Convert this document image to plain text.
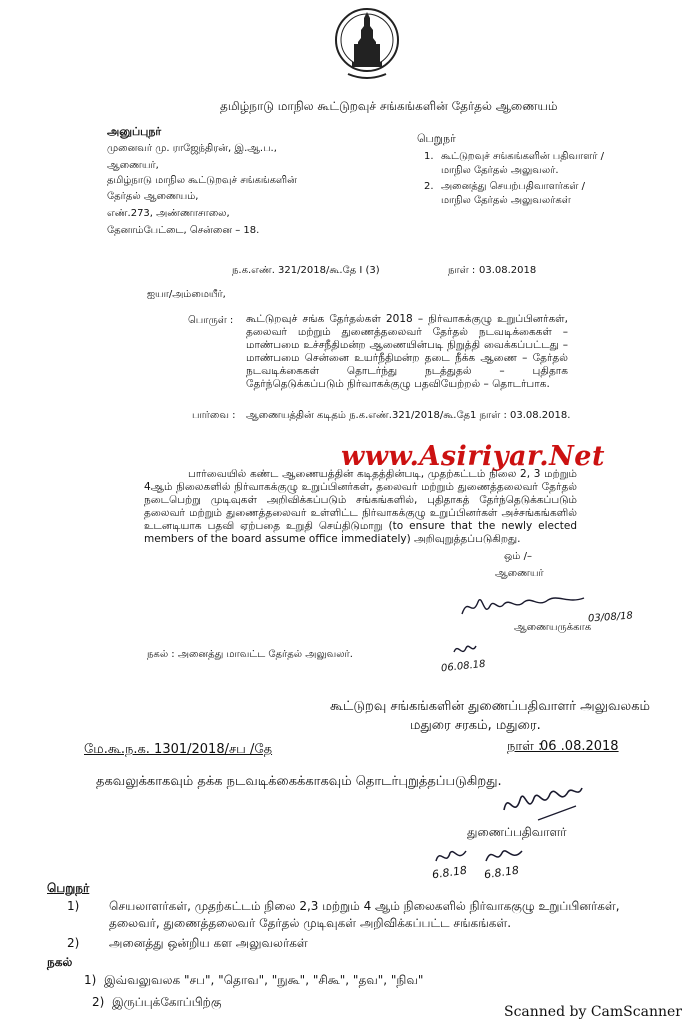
தமிழ்நாடு மாநில கூட்டுறவுச் சங்கங்களின் தேர்தல் ஆணையம்
அனுப்புநர்
முனைவர் மு. ராஜேந்திரன், இ.ஆ.ப.,
ஆணையர்,
தமிழ்நாடு மாநில கூட்டுறவுச் சங்கங்களின்
தேர்தல் ஆணையம்,
எண்.273, அண்ணாசாலை,
தேனாம்பேட்டை, சென்னை – 18.
பெறுநர்
1. கூட்டுறவுச் சங்கங்களின் பதிவாளர் /
மாநில தேர்தல் அலுவலர்.
2. அனைத்து செயற்பதிவாளர்கள் /
மாநில தேர்தல் அலுவலர்கள்
ந.க.எண். 321/2018/கூ.தே I (3)	நாள் : 03.08.2018
ஐயா/அம்மையீர்,
பொருள் : கூட்டுறவுச் சங்க தேர்தல்கள் 2018 – நிர்வாகக்குழு உறுப்பினர்கள், தலைவர் மற்றும் துணைத்தலைவர் தேர்தல் நடவடிக்கைகள் – மாண்பமை உச்சநீதிமன்ற ஆணையின்படி நிறுத்தி வைக்கப்பட்டது – மாண்பமை சென்னை உயர்நீதிமன்ற தடை நீக்க ஆணை – தேர்தல் நடவடிக்கைகள் தொடர்ந்து நடத்துதல் – புதிதாக தேர்ந்தெடுக்கப்படும் நிர்வாகக்குழு பதவியேற்றல் – தொடர்பாக.
பார்வை : ஆணையத்தின் கடிதம் ந.க.எண்.321/2018/கூ.தே1 நாள் : 03.08.2018.
www.Asiriyar.Net
பார்வையில் கண்ட ஆணையத்தின் கடிதத்தின்படி, முதற்கட்டம் நிலை 2, 3 மற்றும் 4ஆம் நிலைகளில் நிர்வாகக்குழு உறுப்பினர்கள், தலைவர் மற்றும் துணைத்தலைவர் தேர்தல் நடைபெற்று முடிவுகள் அறிவிக்கப்படும் சங்கங்களில், புதிதாகத் தேர்ந்தெடுக்கப்படும் தலைவர் மற்றும் துணைத்தலைவர் உள்ளிட்ட நிர்வாகக்குழு உறுப்பினர்கள் அச்சங்கங்களில் உடனடியாக பதவி ஏற்பதை உறுதி செய்திடுமாறு (to ensure that the newly elected members of the board assume office immediately) அறிவுறுத்தப்படுகிறது.
ஒம் /–
ஆணையர்
03/08/18
ஆணையருக்காக
நகல் : அனைத்து மாவட்ட தேர்தல் அலுவலர்.
06.08.18
கூட்டுறவு சங்கங்களின் துணைப்பதிவாளர் அலுவலகம்
மதுரை சரகம், மதுரை.
மே.கூ.ந.க. 1301/2018/சப /தே	நாள் :
06 .08.2018
தகவலுக்காகவும் தக்க நடவடிக்கைக்காகவும் தொடர்புறுத்தப்படுகிறது.
துணைப்பதிவாளர்
6.8.18 6.8.18
பெறுநர்
1) செயலாளர்கள், முதற்கட்டம் நிலை 2,3 மற்றும் 4 ஆம் நிலைகளில் நிர்வாககுழு உறுப்பினர்கள்,
தலைவர், துணைத்தலைவர் தேர்தல் முடிவுகள் அறிவிக்கப்பட்ட சங்கங்கள்.
2) அனைத்து ஒன்றிய கள அலுவலர்கள்
நகல்
1) இவ்வலுவலக "சப", "தொவ", "நுகூ", "சிகூ", "தவ", "நிவ"
2) இருப்புக்கோப்பிற்கு
Scanned by CamScanner
